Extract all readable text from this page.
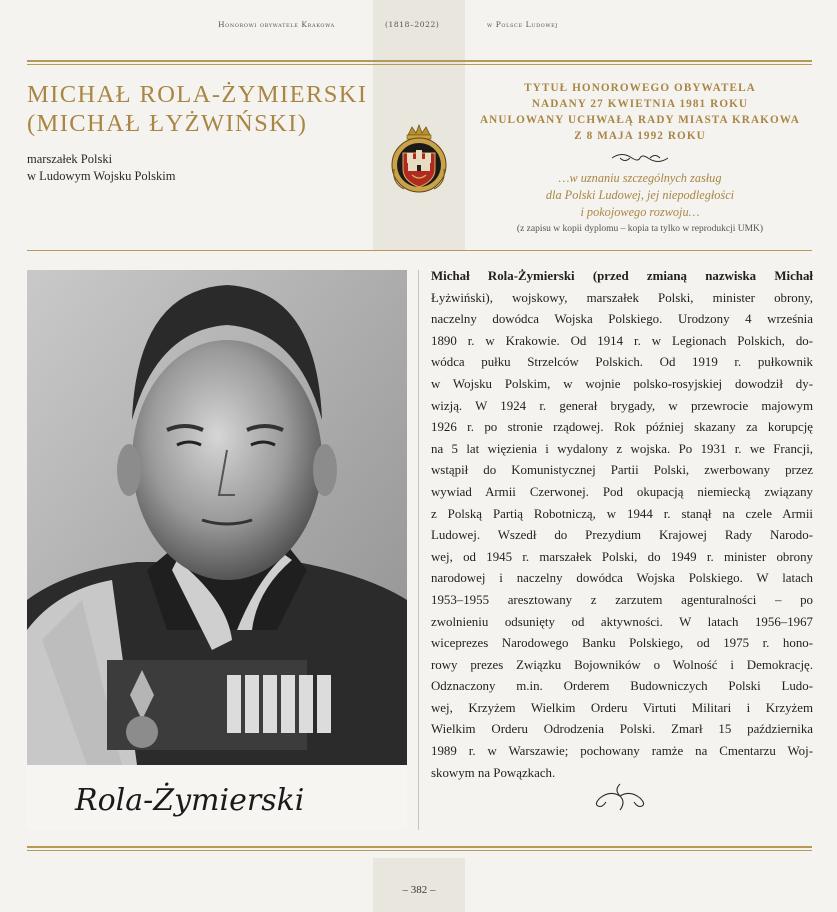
Honorowi obywatele Krakowa	(1818–2022)	w Polsce Ludowej
MICHAŁ ROLA-ŻYMIERSKI
(MICHAŁ ŁYŻWIŃSKI)
marszałek Polski
w Ludowym Wojsku Polskim
TYTUŁ HONOROWEGO OBYWATELA
NADANY 27 KWIETNIA 1981 ROKU
ANULOWANY UCHWAŁĄ RADY MIASTA KRAKOWA
Z 8 MAJA 1992 ROKU
…w uznaniu szczególnych zasług
dla Polski Ludowej, jej niepodległości
i pokojowego rozwoju…
(z zapisu w kopii dyplomu – kopia ta tylko w reprodukcji UMK)
Rola-Żymierski

Michał Rola-Żymierski (przed zmianą nazwiska Michał

Łyżwiński), wojskowy, marszałek Polski, minister obrony,

naczelny dowódca Wojska Polskiego. Urodzony 4 września

1890 r. w Krakowie. Od 1914 r. w Legionach Polskich, do-

wódca pułku Strzelców Polskich. Od 1919 r. pułkownik

w Wojsku Polskim, w wojnie polsko-rosyjskiej dowodził dy-

wizją. W 1924 r. generał brygady, w przewrocie majowym

1926 r. po stronie rządowej. Rok później skazany za korupcję

na 5 lat więzienia i wydalony z wojska. Po 1931 r. we Francji,

wstąpił do Komunistycznej Partii Polski, zwerbowany przez

wywiad Armii Czerwonej. Pod okupacją niemiecką związany

z Polską Partią Robotniczą, w 1944 r. stanął na czele Armii

Ludowej. Wszedł do Prezydium Krajowej Rady Narodo-

wej, od 1945 r. marszałek Polski, do 1949 r. minister obrony

narodowej i naczelny dowódca Wojska Polskiego. W latach

1953–1955 aresztowany z zarzutem agenturalności – po

zwolnieniu odsunięty od aktywności. W latach 1956–1967

wiceprezes Narodowego Banku Polskiego, od 1975 r. hono-

rowy prezes Związku Bojowników o Wolność i Demokrację.

Odznaczony m.in. Orderem Budowniczych Polski Ludo-

wej, Krzyżem Wielkim Orderu Virtuti Militari i Krzyżem

Wielkim Orderu Odrodzenia Polski. Zmarł 15 października

1989 r. w Warszawie; pochowany ramże na Cmentarzu Woj-

skowym na Powązkach.

– 382 –
